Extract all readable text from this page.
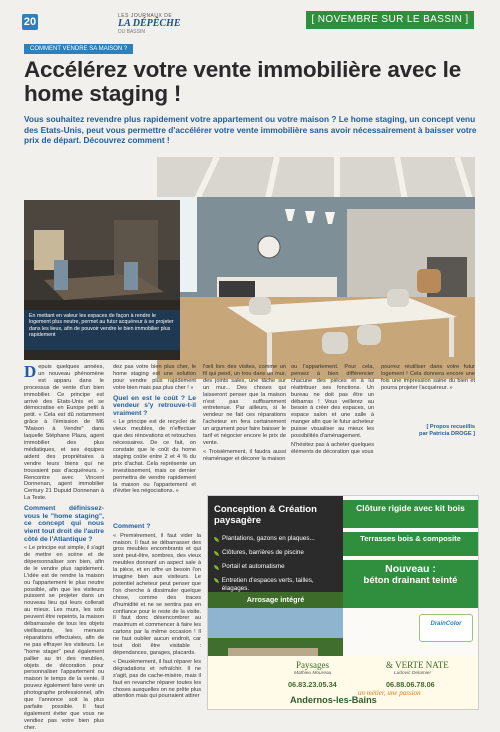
20	LES JOURNAUX DE
LA DÉPÊCHE
DU BASSIN
[ NOVEMBRE SUR LE BASSIN ]
COMMENT VENDRE SA MAISON ?
Accélérez votre vente immobilière avec le home staging !
Vous souhaitez revendre plus rapidement votre appartement ou votre maison ? Le home staging, un concept venu des Etats-Unis, peut vous permettre d'accélérer votre vente immobilière sans avoir nécessairement à baisser votre prix de départ. Découvrez comment !
En mettant en valeur les espaces de façon à rendre le logement plus neutre, permet au futur acquéreur à se projeter dans les lieux, afin de pouvoir vendre le bien immobilier plus rapidement

Depuis quelques années, un nouveau phénomène est apparu dans le processus de vente d'un bien immobilier. Ce principe est arrivé des Etats-Unis et se démocratise en Europe petit à petit. « Cela est dû notamment grâce à l'émission de M6 "Maison à Vendre" dans laquelle Stéphane Plaza, agent immobilier des plus médiatiques, et ses équipes aident des propriétaires à vendre leurs biens qui ne trouvaient pas d'acquéreurs. » Rencontre avec Vincent Donnenan, agent immobilier Century 21 Dupuid Donnenan à La Teste.

Comment définissez-vous le "home staging", ce concept qui nous vient tout droit de l'autre côté de l'Atlantique ?

« Le principe est simple, il s'agit de mettre en scène et de dépersonnaliser son bien, afin de le vendre plus rapidement. L'idée est de rendre la maison ou l'appartement le plus neutre possible, afin que les visiteurs puissent se projeter dans un nouveau lieu qui leurs collerait au mieux. Les murs, les sols peuvent être repeints, la maison débarrassée de tous les objets vieillissants, les menues réparations effectuées, afin de ne pas effrayer les visiteurs. Le "home stager" peut également pallier au tri des meubles, objets de décoration pour personnaliser l'appartement ou maison le temps de la vente. Il pouvez également faire venir un photographe professionnel, afin que l'annonce soit la plus parfaite possible. Il faut également éviter que vous ne vendiez pas votre bien plus cher.

dez pas votre bien plus cher, le home staging est une solution pour vendre plus rapidement votre bien mais pas plus cher ! »

Quel en est le coût ? Le vendeur s'y retrouve-t-il vraiment ?

« Le principe est de recycler de vieux meubles, de n'effectuer que des rénovations et retouches nécessaires. De ce fait, on constate que le coût du home staging coûte entre 2 et 4 % du prix d'achat. Cela représente un investissement, mais ce dernier permettra de vendre rapidement la maison ou l'appartement et d'éviter les négociations. »

Comment ?

« Premièrement, il faut vider la maison. Il faut se débarrasser des gros meubles encombrants et qui sont peut-être, sombres, des vieux meubles donnant un aspect sale à la pièce, et en offre un besoin l'on imagine bien aux visiteurs. Le potentiel acheteur peut penser que l'on cherche à dissimuler quelque chose, comme des traces d'humidité et ne se sentira pas en confiance pour le reste de la visite. Il faut donc désencombrer au maximum et commencer à faire les cartons par la même occasion ! Il ne faut oublier aucun endroit, car tout doit être visitable : dépendances, garages, placards.

« Deuxièmement, il faut réparer les dégradations et refraîchir. Il ne s'agit, pas de cache-misère, mais il faut en revanche réparer toutes les choses auxquelles on ne prête plus attention mais qui pourraient attirer

l'œil lors des visites, comme un fil qui pend, un trou dans un mur, des joints sales, une tâche sur un mur... Des choses qui laisseront penser que la maison n'est pas suffisamment entretenue. Par ailleurs, si le vendeur ne fait ces réparations l'acheteur en fera certainement un argument pour faire baisser le tarif et négocier encore le prix de vente.

« Troisièmement, il faudra aussi réaménager et décorer la maison

ou l'appartement. Pour cela, pensez à bien différencier chacune des pièces et à lui réattribuer ses fonctions. Un bureau ne doit pas être un débarras ! Vous veillerez au besoin à créer des espaces, un espace salon et une salle à manger afin que le futur acheteur puisse visualiser au mieux les possibilités d'aménagement.

N'hésitez pas à acheter quelques éléments de décoration que vous

pourrez réutiliser dans votre futur logement ! Cela donnera encore une fois une impression saine du bien et pourra projeter l'acquéreur. »

[ Propos recueillis
par Patricia DROGE ]
Conception & Création paysagère
Plantations, gazons en plaques...
Clôtures, barrières de piscine
Portail et automatisme
Entretien d'espaces verts, tailles, élagages.
Arrosage intégré
Clôture rigide avec kit bois
Terrasses bois & composite
Nouveau :
béton drainant teinté
DrainColor
Paysages
Mathieu Moureau
06.83.23.05.34
& VERTE NATE
Ludovic Delamier
06.88.06.78.06
Andernos-les-Bains
un métier, une passion
